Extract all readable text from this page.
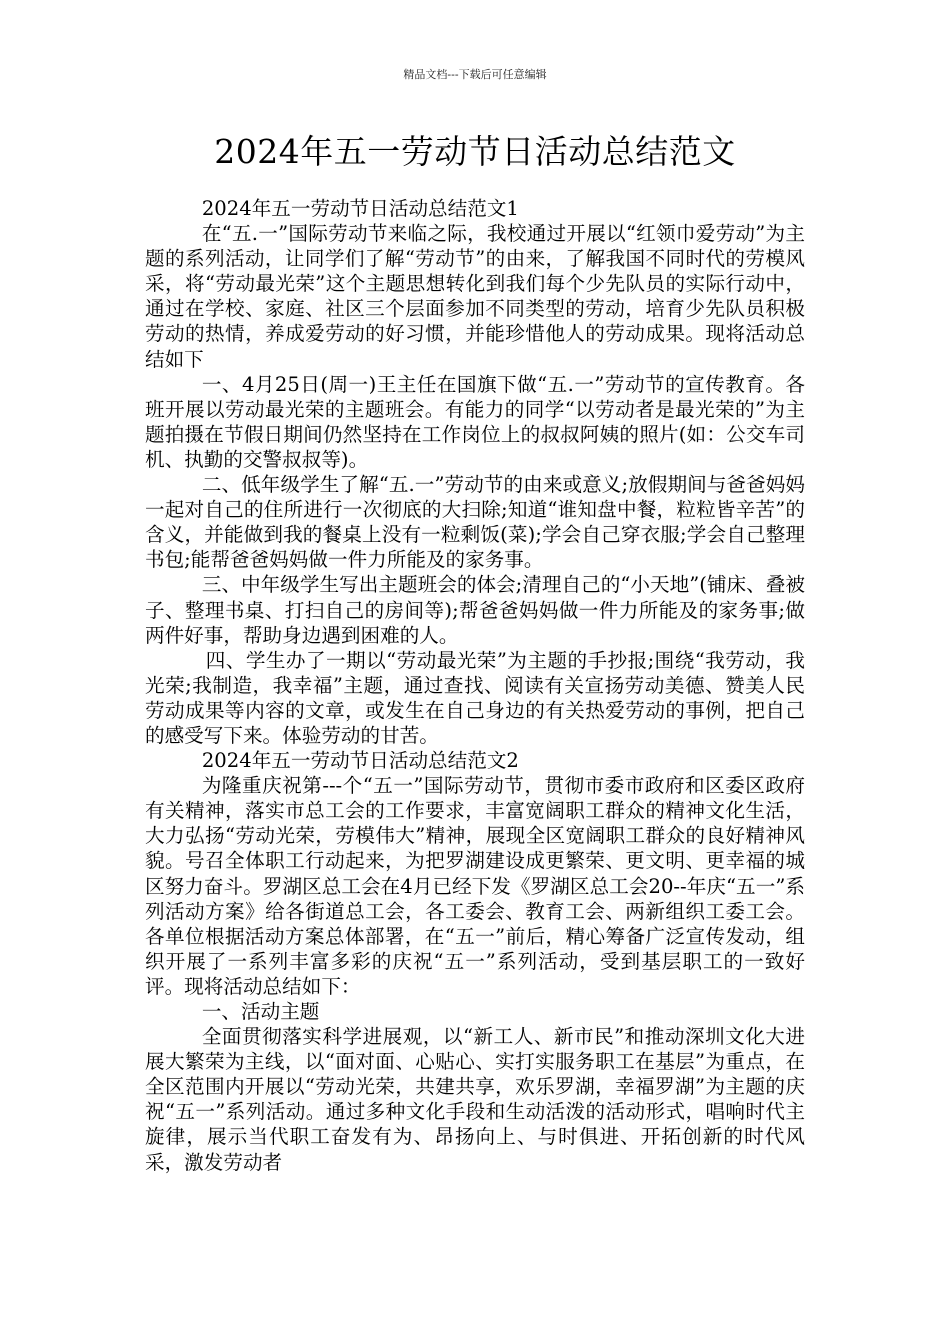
精品文档---下载后可任意编辑
2024年五一劳动节日活动总结范文

2024年五一劳动节日活动总结范文1

在“五.一”国际劳动节来临之际，我校通过开展以“红领巾爱劳动”为主题的系列活动，让同学们了解“劳动节”的由来，了解我国不同时代的劳模风采，将“劳动最光荣”这个主题思想转化到我们每个少先队员的实际行动中，通过在学校、家庭、社区三个层面参加不同类型的劳动，培育少先队员积极劳动的热情，养成爱劳动的好习惯，并能珍惜他人的劳动成果。现将活动总结如下

一、4月25日(周一)王主任在国旗下做“五.一”劳动节的宣传教育。各班开展以劳动最光荣的主题班会。有能力的同学“以劳动者是最光荣的”为主题拍摄在节假日期间仍然坚持在工作岗位上的叔叔阿姨的照片(如：公交车司机、执勤的交警叔叔等)。

二、低年级学生了解“五.一”劳动节的由来或意义;放假期间与爸爸妈妈一起对自己的住所进行一次彻底的大扫除;知道“谁知盘中餐，粒粒皆辛苦”的含义，并能做到我的餐桌上没有一粒剩饭(菜);学会自己穿衣服;学会自己整理书包;能帮爸爸妈妈做一件力所能及的家务事。

三、中年级学生写出主题班会的体会;清理自己的“小天地”(铺床、叠被子、整理书桌、打扫自己的房间等);帮爸爸妈妈做一件力所能及的家务事;做两件好事，帮助身边遇到困难的人。

四、学生办了一期以“劳动最光荣”为主题的手抄报;围绕“我劳动，我光荣;我制造，我幸福”主题，通过查找、阅读有关宣扬劳动美德、赞美人民劳动成果等内容的文章，或发生在自己身边的有关热爱劳动的事例，把自己的感受写下来。体验劳动的甘苦。

2024年五一劳动节日活动总结范文2

为隆重庆祝第---个“五一”国际劳动节，贯彻市委市政府和区委区政府有关精神，落实市总工会的工作要求，丰富宽阔职工群众的精神文化生活，大力弘扬“劳动光荣，劳模伟大”精神，展现全区宽阔职工群众的良好精神风貌。号召全体职工行动起来，为把罗湖建设成更繁荣、更文明、更幸福的城区努力奋斗。罗湖区总工会在4月已经下发《罗湖区总工会20--年庆“五一”系列活动方案》给各街道总工会，各工委会、教育工会、两新组织工委工会。各单位根据活动方案总体部署，在“五一”前后，精心筹备广泛宣传发动，组织开展了一系列丰富多彩的庆祝“五一”系列活动，受到基层职工的一致好评。现将活动总结如下：

一、活动主题

全面贯彻落实科学进展观，以“新工人、新市民”和推动深圳文化大进展大繁荣为主线，以“面对面、心贴心、实打实服务职工在基层”为重点，在全区范围内开展以“劳动光荣，共建共享，欢乐罗湖，幸福罗湖”为主题的庆祝“五一”系列活动。通过多种文化手段和生动活泼的活动形式，唱响时代主旋律，展示当代职工奋发有为、昂扬向上、与时俱进、开拓创新的时代风采，激发劳动者
